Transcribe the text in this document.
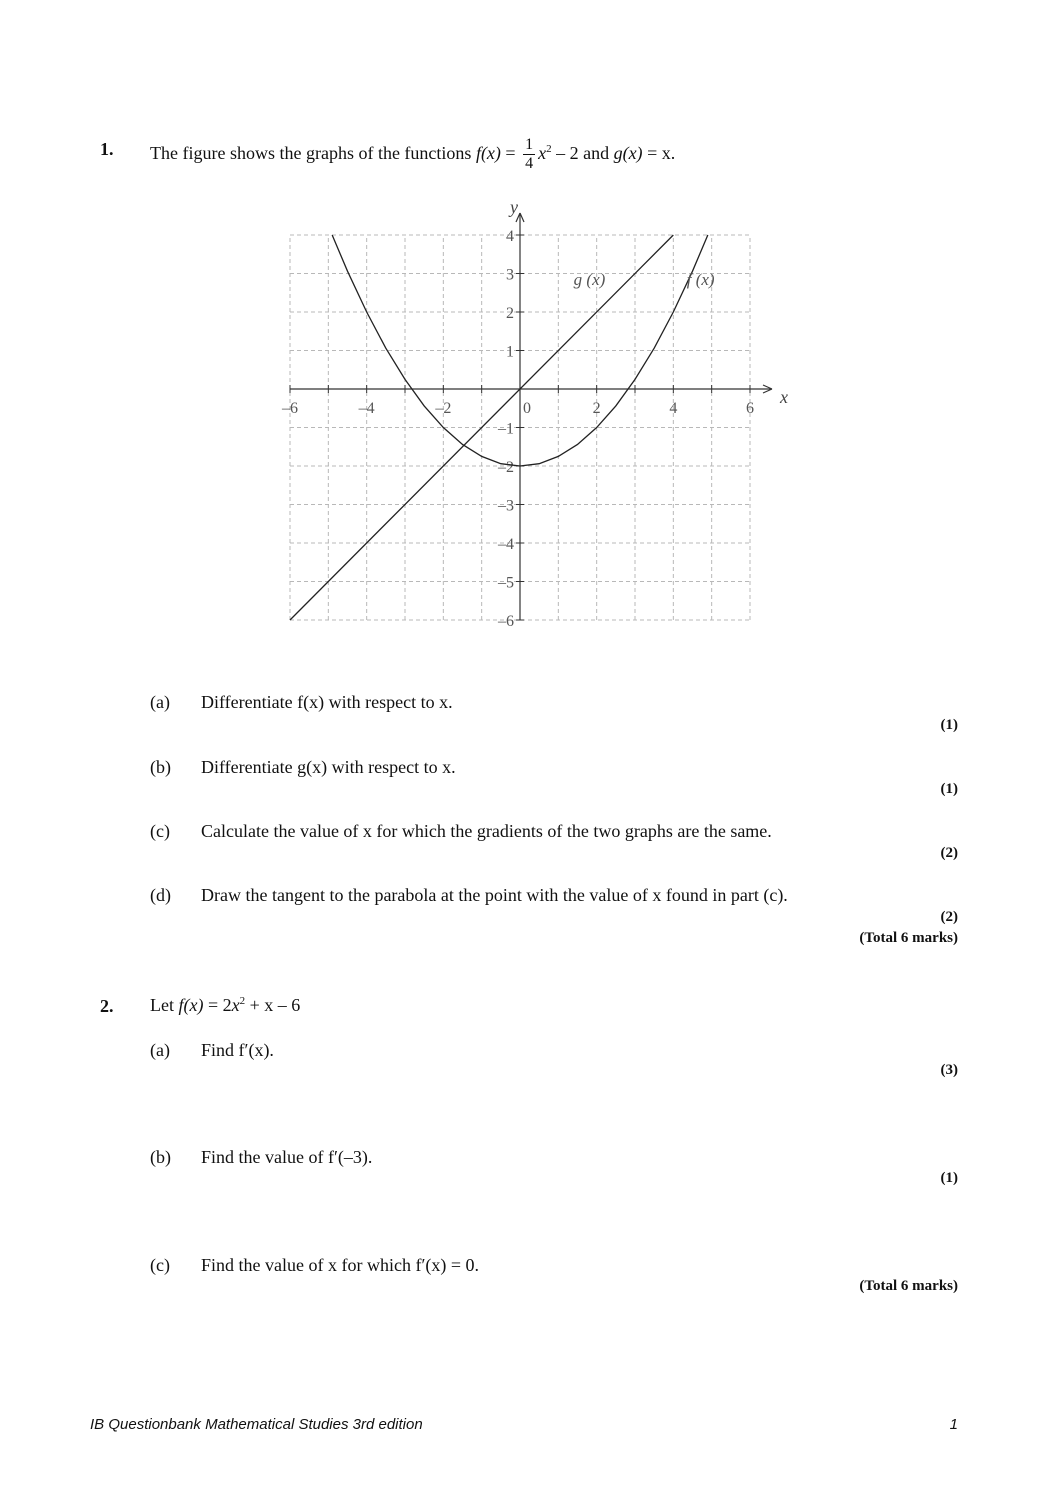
1. The figure shows the graphs of the functions $f(x) = \frac{1}{4} x^2 - 2$ and g(x) = x.
–6	–4	–2	0	2	4	6
4
3
2
1
–1
–2
–3
–4
–5
–6
x
y
g (x)	f (x)
(a) Differentiate f(x) with respect to x.
(1)
(b) Differentiate g(x) with respect to x.
(1)
(c) Calculate the value of x for which the gradients of the two graphs are the same.
(2)
(d) Draw the tangent to the parabola at the point with the value of x found in part (c).
(2)
(Total 6 marks)
2. Let $f(x) = 2x^2 + x - 6$
(a) Find f′(x).
(3)
(b) Find the value of f′(–3).
(1)
(c) Find the value of x for which f′(x) = 0.
(Total 6 marks)
IB Questionbank Mathematical Studies 3rd edition	1
